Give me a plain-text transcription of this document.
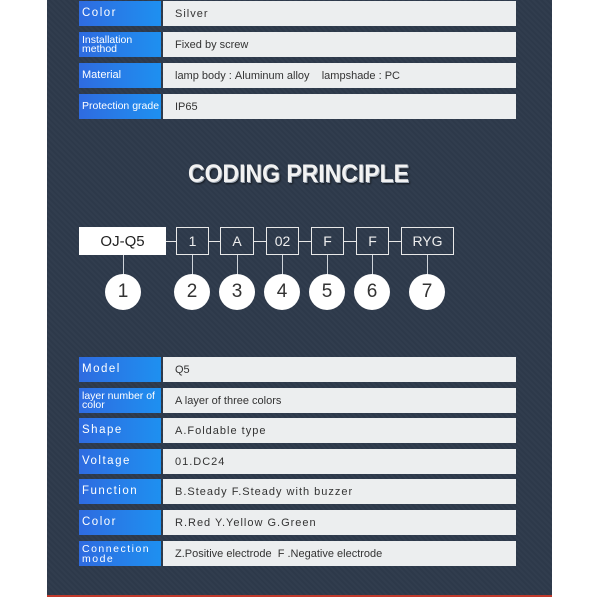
Color	Silver
Installation method	Fixed by screw
Material	lamp body : Aluminum alloy    lampshade : PC
Protection grade	IP65
CODING PRINCIPLE
OJ-Q5	1	A	02	F	F	RYG
1	2	3	4	5	6	7
Model	Q5
layer number of color	A layer of three colors
Shape	A.Foldable type
Voltage	01.DC24
Function	B.Steady F.Steady with buzzer
Color	R.Red Y.Yellow G.Green
Connection mode	Z.Positive electrode  F .Negative electrode
